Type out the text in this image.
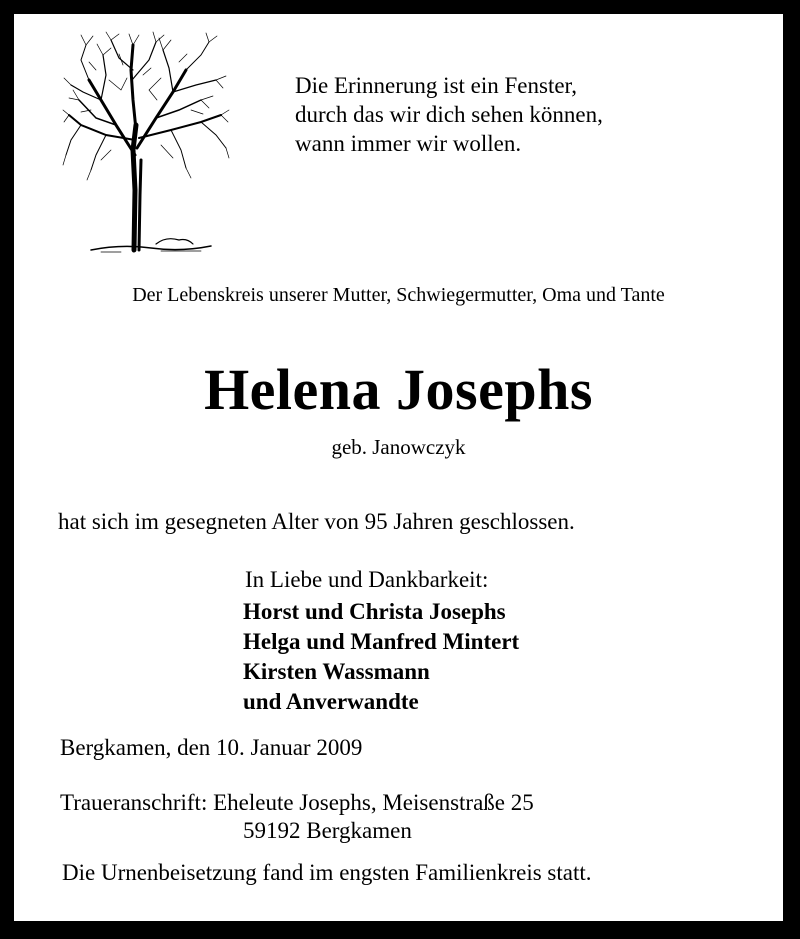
Die Erinnerung ist ein Fenster,
durch das wir dich sehen können,
wann immer wir wollen.
Der Lebenskreis unserer Mutter, Schwiegermutter, Oma und Tante
Helena Josephs
geb. Janowczyk
hat sich im gesegneten Alter von 95 Jahren geschlossen.
In Liebe und Dankbarkeit:
Horst und Christa Josephs
Helga und Manfred Mintert
Kirsten Wassmann
und Anverwandte
Bergkamen, den 10. Januar 2009
Traueranschrift: Eheleute Josephs, Meisenstraße 25
59192 Bergkamen
Die Urnenbeisetzung fand im engsten Familienkreis statt.
